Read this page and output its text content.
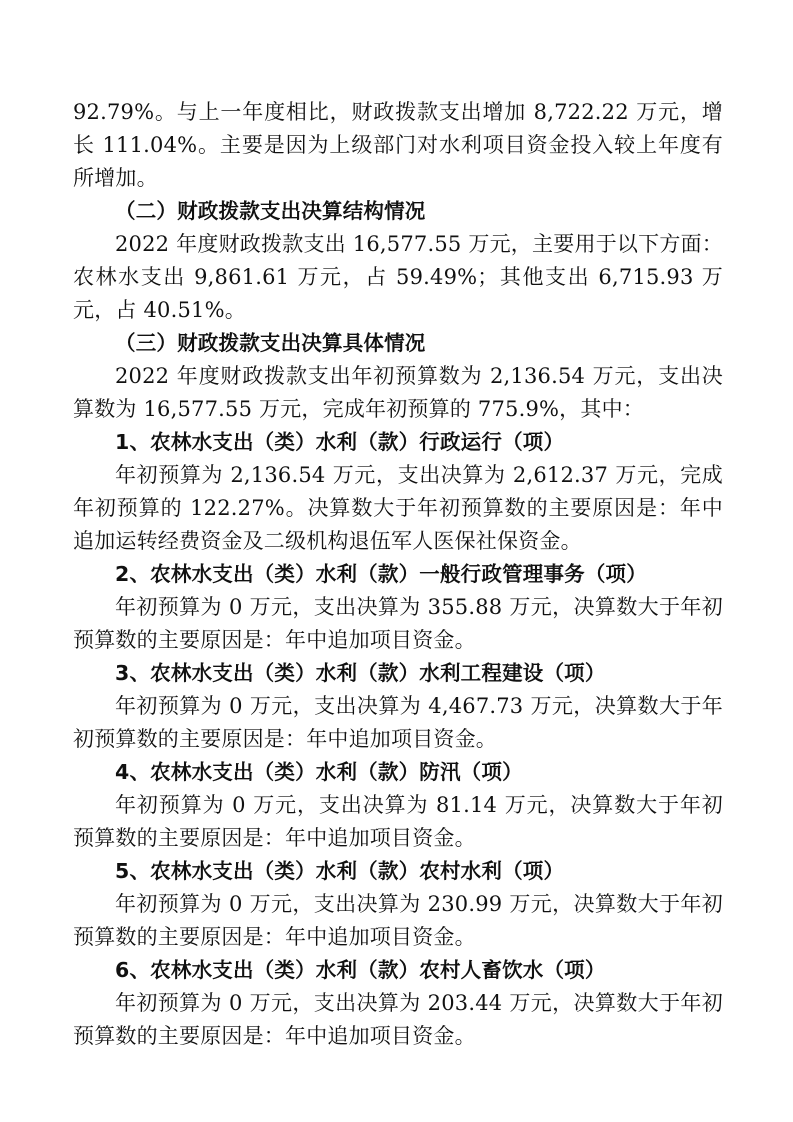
92.79%。与上一年度相比，财政拨款支出增加 8,722.22 万元，增长 111.04%。主要是因为上级部门对水利项目资金投入较上年度有所增加。

（二）财政拨款支出决算结构情况

2022 年度财政拨款支出 16,577.55 万元，主要用于以下方面：农林水支出 9,861.61 万元，占 59.49%；其他支出 6,715.93 万元，占 40.51%。

（三）财政拨款支出决算具体情况

2022 年度财政拨款支出年初预算数为 2,136.54 万元，支出决算数为 16,577.55 万元，完成年初预算的 775.9%，其中：

1、农林水支出（类）水利（款）行政运行（项）

年初预算为 2,136.54 万元，支出决算为 2,612.37 万元，完成年初预算的 122.27%。决算数大于年初预算数的主要原因是：年中追加运转经费资金及二级机构退伍军人医保社保资金。

2、农林水支出（类）水利（款）一般行政管理事务（项）

年初预算为 0 万元，支出决算为 355.88 万元，决算数大于年初预算数的主要原因是：年中追加项目资金。

3、农林水支出（类）水利（款）水利工程建设（项）

年初预算为 0 万元，支出决算为 4,467.73 万元，决算数大于年初预算数的主要原因是：年中追加项目资金。

4、农林水支出（类）水利（款）防汛（项）

年初预算为 0 万元，支出决算为 81.14 万元，决算数大于年初预算数的主要原因是：年中追加项目资金。

5、农林水支出（类）水利（款）农村水利（项）

年初预算为 0 万元，支出决算为 230.99 万元，决算数大于年初预算数的主要原因是：年中追加项目资金。

6、农林水支出（类）水利（款）农村人畜饮水（项）

年初预算为 0 万元，支出决算为 203.44 万元，决算数大于年初预算数的主要原因是：年中追加项目资金。
